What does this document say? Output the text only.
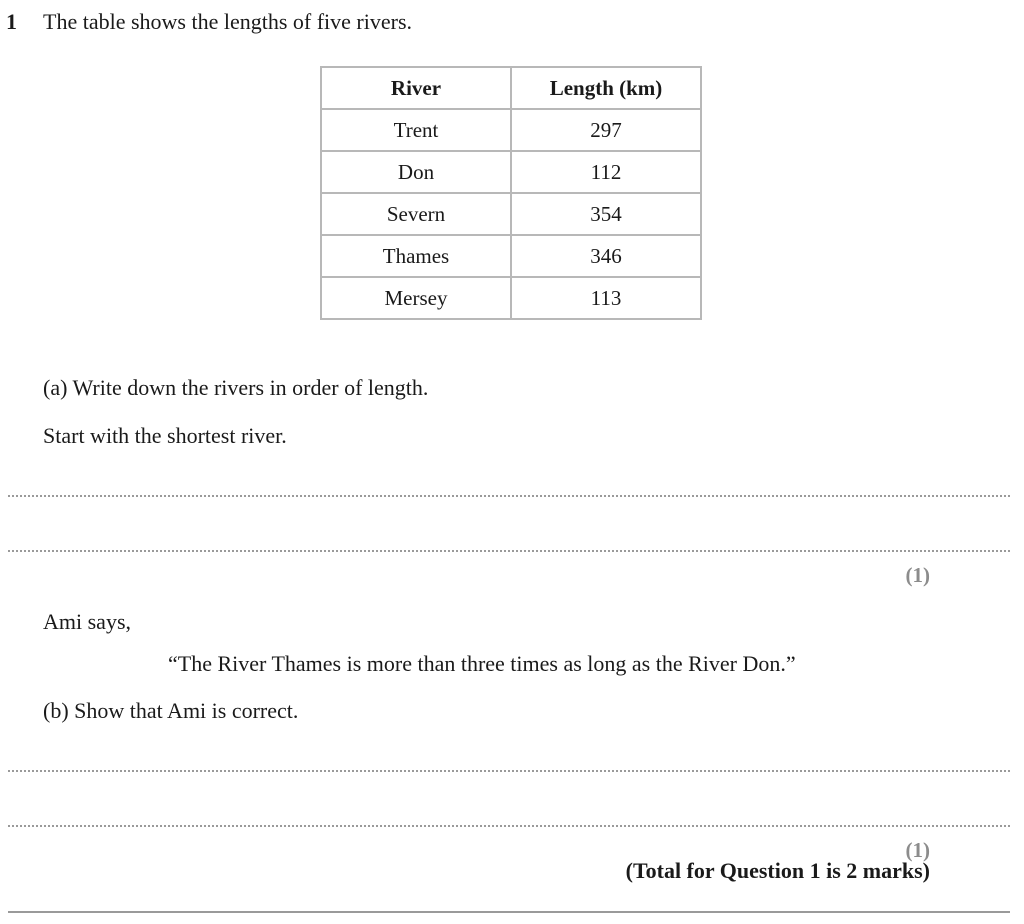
1 The table shows the lengths of five rivers.
River	Length (km)
Trent	297
Don	112
Severn	354
Thames	346
Mersey	113
(a) Write down the rivers in order of length.
Start with the shortest river.
(1)
Ami says,
“The River Thames is more than three times as long as the River Don.”
(b) Show that Ami is correct.
(1)
(Total for Question 1 is 2 marks)
